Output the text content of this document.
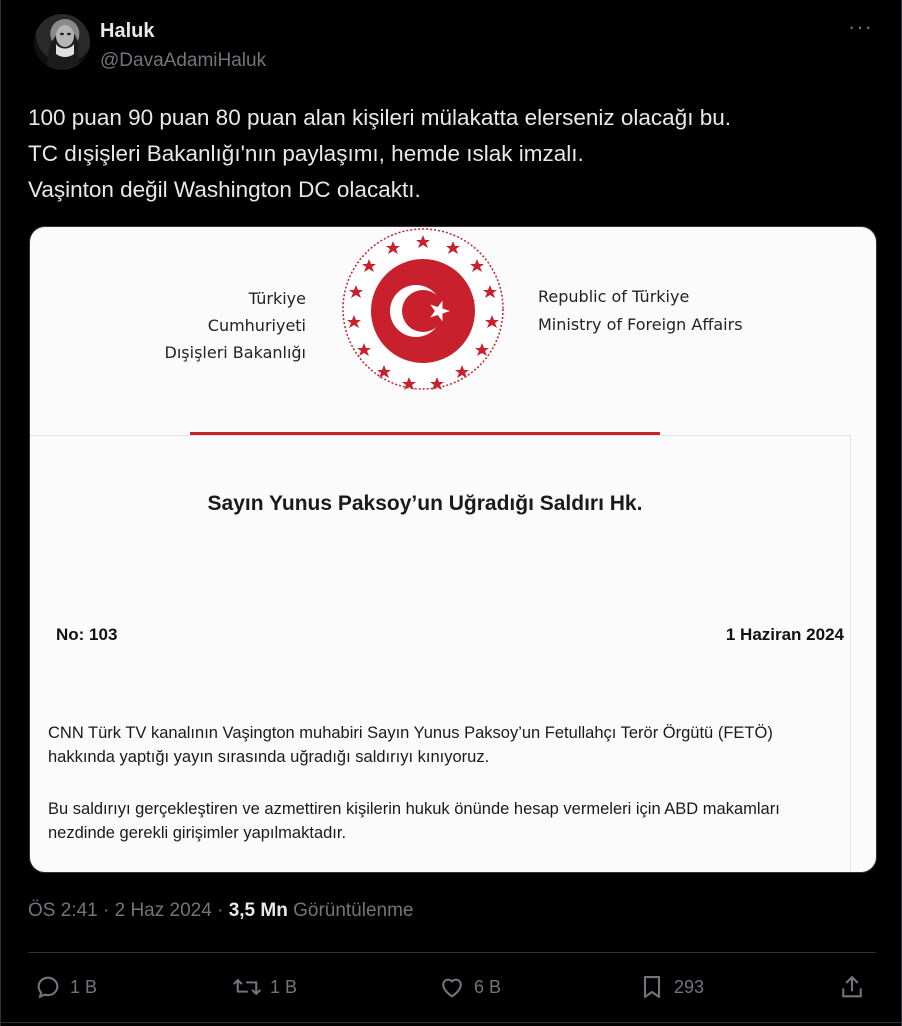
Haluk
@DavaAdamiHaluk
···
100 puan 90 puan 80 puan alan kişileri mülakatta elerseniz olacağı bu.
TC dışişleri Bakanlığı'nın paylaşımı, hemde ıslak imzalı.
Vaşinton değil Washington DC olacaktı.
Türkiye Cumhuriyeti
Dışişleri Bakanlığı
Republic of Türkiye
Ministry of Foreign Affairs
Sayın Yunus Paksoy’un Uğradığı Saldırı Hk.
No: 103	1 Haziran 2024
CNN Türk TV kanalının Vaşington muhabiri Sayın Yunus Paksoy’un Fetullahçı Terör Örgütü (FETÖ) hakkında yaptığı yayın sırasında uğradığı saldırıyı kınıyoruz.
Bu saldırıyı gerçekleştiren ve azmettiren kişilerin hukuk önünde hesap vermeleri için ABD makamları nezdinde gerekli girişimler yapılmaktadır.
ÖS 2:41 · 2 Haz 2024 · 3,5 Mn Görüntülenme
1 B	1 B	6 B	293
